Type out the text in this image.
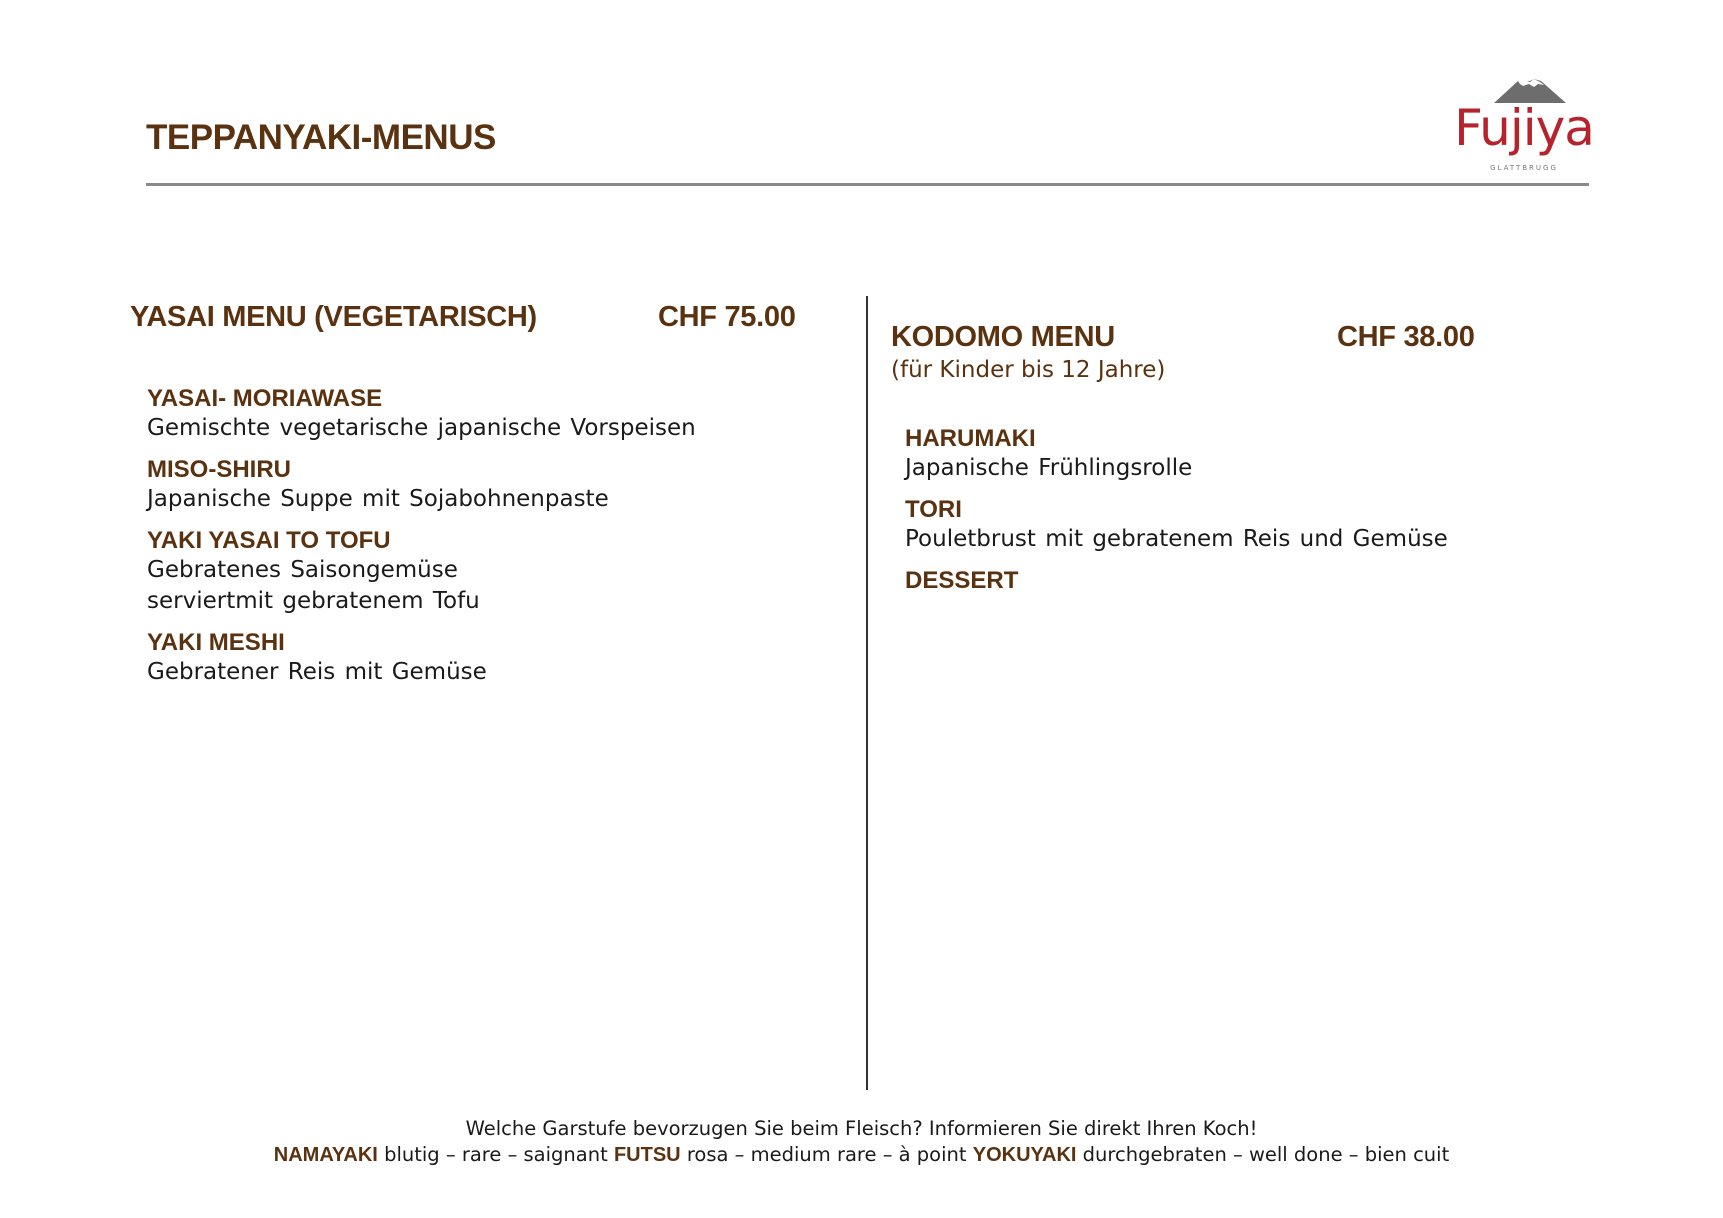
TEPPANYAKI-MENUS	Fujiya
GLATTBRUGG
YASAI MENU (VEGETARISCH)	CHF 75.00
YASAI- MORIAWASE
Gemischte vegetarische japanische Vorspeisen
MISO-SHIRU
Japanische Suppe mit Sojabohnenpaste
YAKI YASAI TO TOFU
Gebratenes Saisongemüse
serviertmit gebratenem Tofu
YAKI MESHI
Gebratener Reis mit Gemüse
KODOMO MENU	CHF 38.00

(für Kinder bis 12 Jahre)

HARUMAKI
Japanische Frühlingsrolle
TORI
Pouletbrust mit gebratenem Reis und Gemüse
DESSERT

Welche Garstufe bevorzugen Sie beim Fleisch? Informieren Sie direkt Ihren Koch!

NAMAYAKI blutig – rare – saignant FUTSU rosa – medium rare – à point YOKUYAKI durchgebraten – well done – bien cuit
